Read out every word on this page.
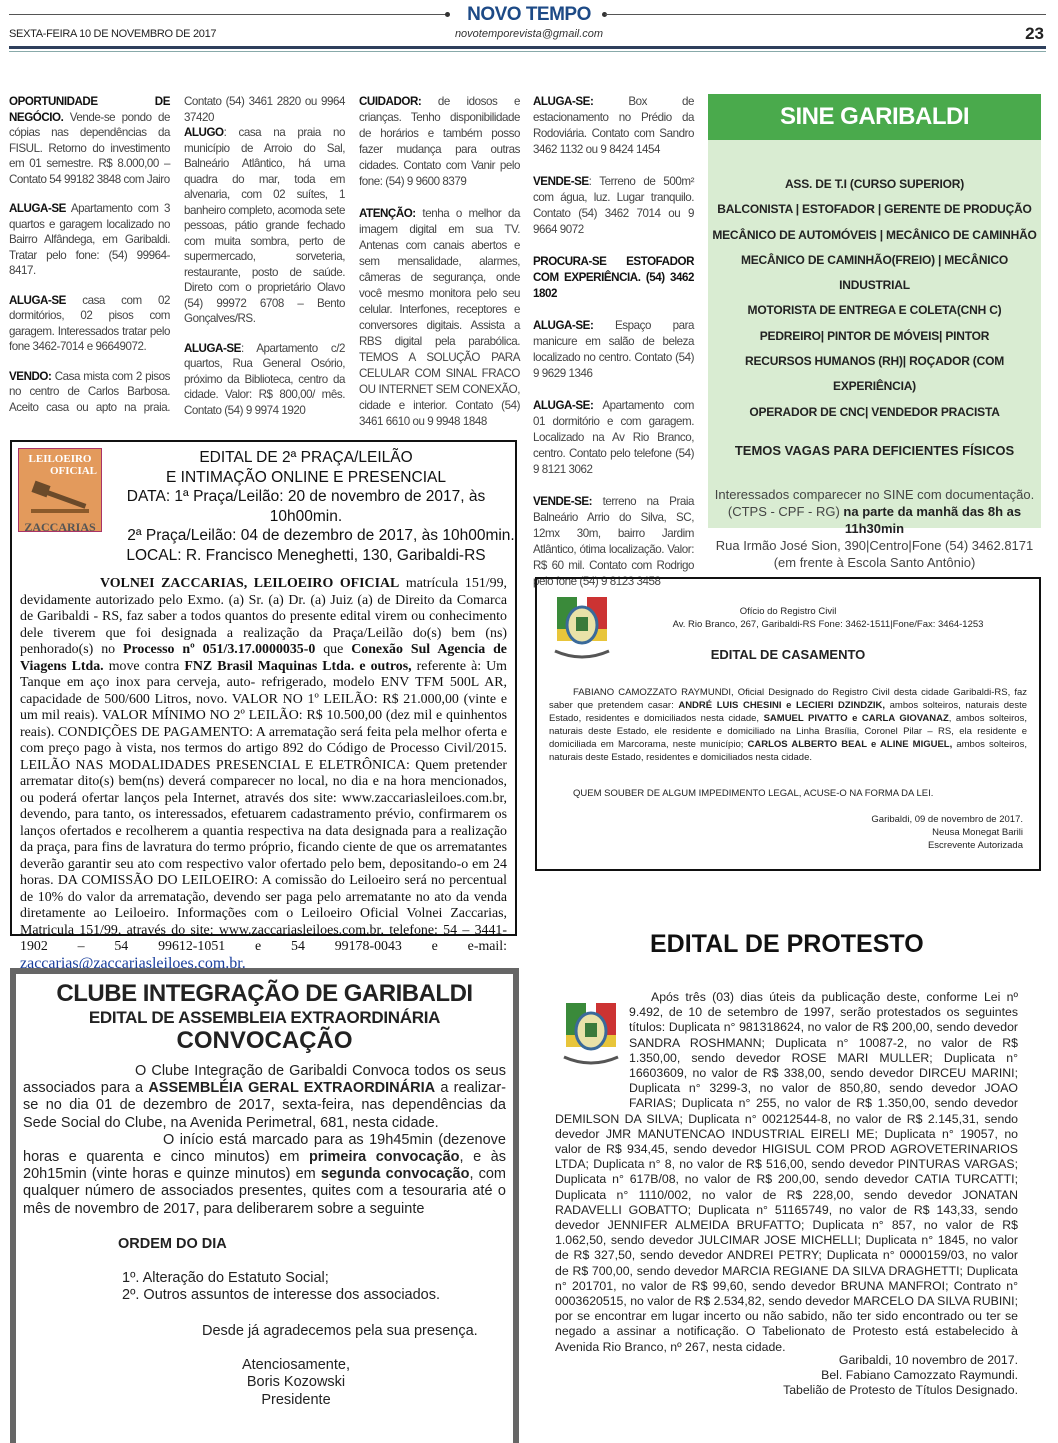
NOVO TEMPO
SEXTA-FEIRA 10 DE NOVEMBRO DE 2017	novotemporevista@gmail.com	23

OPORTUNIDADE DE NEGÓCIO. Vende-se pondo de cópias nas dependências da FISUL. Retorno do investimento em 01 semestre. R$ 8.000,00 – Contato 54 99182 3848 com Jairo

ALUGA-SE Apartamento com 3 quartos e garagem localizado no Bairro Alfândega, em Garibaldi. Tratar pelo fone: (54) 99964-8417.

ALUGA-SE casa com 02 dormitórios, 02 pisos com garagem. Interessados tratar pelo fone 3462-7014 e 96649072.

VENDO: Casa mista com 2 pisos no centro de Carlos Barbosa. Aceito casa ou apto na praia. Contato (54) 3461 2820 ou 9964 37420

ALUGO: casa na praia no município de Arroio do Sal, Balneário Atlântico, há uma quadra do mar, toda em alvenaria, com 02 suítes, 1 banheiro completo, acomoda sete pessoas, pátio grande fechado com muita sombra, perto de supermercado, sorveteria, restaurante, posto de saúde. Direto com o proprietário Olavo (54) 99972 6708 – Bento Gonçalves/RS.

ALUGA-SE: Apartamento c/2 quartos, Rua General Osório, próximo da Biblioteca, centro da cidade. Valor: R$ 800,00/ mês. Contato (54) 9 9974 1920

CUIDADOR: de idosos e crianças. Tenho disponibilidade de horários e também posso fazer mudança para outras cidades. Contato com Vanir pelo fone: (54) 9 9600 8379

ATENÇÃO: tenha o melhor da imagem digital em sua TV. Antenas com canais abertos e sem mensalidade, alarmes, câmeras de segurança, onde você mesmo monitora pelo seu celular. Interfones, receptores e conversores digitais. Assista a RBS digital pela parabólica. TEMOS A SOLUÇÃO PARA CELULAR COM SINAL FRACO OU INTERNET SEM CONEXÃO, cidade e interior. Contato (54) 3461 6610 ou 9 9948 1848

ALUGA-SE: Box de estacionamento no Prédio da Rodoviária. Contato com Sandro 3462 1132 ou 9 8424 1454

VENDE-SE: Terreno de 500m² com água, luz. Lugar tranquilo. Contato (54) 3462 7014 ou 9 9664 9072

PROCURA-SE ESTOFADOR COM EXPERIÊNCIA. (54) 3462 1802

ALUGA-SE: Espaço para manicure em salão de beleza localizado no centro. Contato (54) 9 9629 1346

ALUGA-SE: Apartamento com 01 dormitório e com garagem. Localizado na Av Rio Branco, centro. Contato pelo telefone (54) 9 8121 3062

VENDE-SE: terreno na Praia Balneário Arrio do Silva, SC, 12mx 30m, bairro Jardim Atlântico, ótima localização. Valor: R$ 60 mil. Contato com Rodrigo pelo fone (54) 9 8123 3458

SINE GARIBALDI
ASS. DE T.I (CURSO SUPERIOR)
BALCONISTA | ESTOFADOR | GERENTE DE PRODUÇÃO
MECÂNICO DE AUTOMÓVEIS | MECÂNICO DE CAMINHÃO
MECÂNICO DE CAMINHÃO(FREIO) | MECÂNICO INDUSTRIAL
MOTORISTA DE ENTREGA E COLETA(CNH C)
PEDREIRO| PINTOR DE MÓVEIS| PINTOR
RECURSOS HUMANOS (RH)| ROÇADOR (COM EXPERIÊNCIA)
OPERADOR DE CNC| VENDEDOR PRACISTA
TEMOS VAGAS PARA DEFICIENTES FÍSICOS
Interessados comparecer no SINE com documentação.
(CTPS - CPF - RG) na parte da manhã das 8h as 11h30min
Rua Irmão José Sion, 390|Centro|Fone (54) 3462.8171
(em frente à Escola Santo Antônio)
LEILOEIRO
OFICIAL
ZACCARIAS
EDITAL DE 2ª PRAÇA/LEILÃO
E INTIMAÇÃO ONLINE E PRESENCIAL
DATA: 1ª Praça/Leilão: 20 de novembro de 2017, às 10h00min.
2ª Praça/Leilão: 04 de dezembro de 2017, às 10h00min.
LOCAL: R. Francisco Meneghetti, 130, Garibaldi-RS
VOLNEI ZACCARIAS, LEILOEIRO OFICIAL matrícula 151/99, devidamente autorizado pelo Exmo. (a) Sr. (a) Dr. (a) Juiz (a) de Direito da Comarca de Garibaldi - RS, faz saber a todos quantos do presente edital virem ou conhecimento dele tiverem que foi designada a realização da Praça/Leilão do(s) bem (ns) penhorado(s) no Processo nº 051/3.17.0000035-0 que Conexão Sul Agencia de Viagens Ltda. move contra FNZ Brasil Maquinas Ltda. e outros, referente à: Um Tanque em aço inox para cerveja, auto- refrigerado, modelo ENV TFM 500L AR, capacidade de 500/600 Litros, novo. VALOR NO 1º LEILÃO: R$ 21.000,00 (vinte e um mil reais). VALOR MÍNIMO NO 2º LEILÃO: R$ 10.500,00 (dez mil e quinhentos reais). CONDIÇÕES DE PAGAMENTO: A arrematação será feita pela melhor oferta e com preço pago à vista, nos termos do artigo 892 do Código de Processo Civil/2015. LEILÃO NAS MODALIDADES PRESENCIAL E ELETRÔNICA: Quem pretender arrematar dito(s) bem(ns) deverá comparecer no local, no dia e na hora mencionados, ou poderá ofertar lanços pela Internet, através dos site: www.zaccariasleiloes.com.br, devendo, para tanto, os interessados, efetuarem cadastramento prévio, confirmarem os lanços ofertados e recolherem a quantia respectiva na data designada para a realização da praça, para fins de lavratura do termo próprio, ficando ciente de que os arrematantes deverão garantir seu ato com respectivo valor ofertado pelo bem, depositando-o em 24 horas. DA COMISSÃO DO LEILOEIRO: A comissão do Leiloeiro será no percentual de 10% do valor da arrematação, devendo ser paga pelo arrematante no ato da venda diretamente ao Leiloeiro. Informações com o Leiloeiro Oficial Volnei Zaccarias, Matricula 151/99, através do site: www.zaccariasleiloes.com.br, telefone: 54 – 3441-1902 – 54 99612-1051 e 54 99178-0043 e e-mail: zaccarias@zaccariasleiloes.com.br.
Ofício do Registro Civil
Av. Rio Branco, 267, Garibaldi-RS Fone: 3462-1511|Fone/Fax: 3464-1253
EDITAL DE CASAMENTO
FABIANO CAMOZZATO RAYMUNDI, Oficial Designado do Registro Civil desta cidade Garibaldi-RS, faz saber que pretendem casar: ANDRÉ LUIS CHESINI e LECIERI DZINDZIK, ambos solteiros, naturais deste Estado, residentes e domiciliados nesta cidade, SAMUEL PIVATTO e CARLA GIOVANAZ, ambos solteiros, naturais deste Estado, ele residente e domiciliado na Linha Brasília, Coronel Pilar – RS, ela residente e domiciliada em Marcorama, neste município; CARLOS ALBERTO BEAL e ALINE MIGUEL, ambos solteiros, naturais deste Estado, residentes e domiciliados nesta cidade.
QUEM SOUBER DE ALGUM IMPEDIMENTO LEGAL, ACUSE-O NA FORMA DA LEI.
Garibaldi, 09 de novembro de 2017.
Neusa Monegat Barili
Escrevente Autorizada
EDITAL DE PROTESTO
Após três (03) dias úteis da publicação deste, conforme Lei nº 9.492, de 10 de setembro de 1997, serão protestados os seguintes títulos: Duplicata n° 981318624, no valor de R$ 200,00, sendo devedor SANDRA ROSHMANN; Duplicata n° 10087-2, no valor de R$ 1.350,00, sendo devedor ROSE MARI MULLER; Duplicata n° 16603609, no valor de R$ 338,00, sendo devedor DIRCEU MARINI; Duplicata n° 3299-3, no valor de 850,80, sendo devedor JOAO FARIAS; Duplicata n° 255, no valor de R$ 1.350,00, sendo devedor DEMILSON DA SILVA; Duplicata n° 00212544-8, no valor de R$ 2.145,31, sendo devedor JMR MANUTENCAO INDUSTRIAL EIRELI ME; Duplicata n° 19057, no valor de R$ 934,45, sendo devedor HIGISUL COM PROD AGROVETERINARIOS LTDA; Duplicata n° 8, no valor de R$ 516,00, sendo devedor PINTURAS VARGAS; Duplicata n° 617B/08, no valor de R$ 200,00, sendo devedor CATIA TURCATTI; Duplicata n° 1110/002, no valor de R$ 228,00, sendo devedor JONATAN RADAVELLI GOBATTO; Duplicata n° 51165749, no valor de R$ 143,33, sendo devedor JENNIFER ALMEIDA BRUFATTO; Duplicata n° 857, no valor de R$ 1.062,50, sendo devedor JULCIMAR JOSE MICHELLI; Duplicata n° 1845, no valor de R$ 327,50, sendo devedor ANDREI PETRY; Duplicata n° 0000159/03, no valor de R$ 700,00, sendo devedor MARCIA REGIANE DA SILVA DRAGHETTI; Duplicata n° 201701, no valor de R$ 99,60, sendo devedor BRUNA MANFROI; Contrato n° 0003620515, no valor de R$ 2.534,82, sendo devedor MARCELO DA SILVA RUBINI; por se encontrar em lugar incerto ou não sabido, não ter sido encontrado ou ter se negado a assinar a notificação. O Tabelionato de Protesto está estabelecido à Avenida Rio Branco, nº 267, nesta cidade.
Garibaldi, 10 novembro de 2017.
Bel. Fabiano Camozzato Raymundi.
Tabelião de Protesto de Títulos Designado.
CLUBE INTEGRAÇÃO DE GARIBALDI
EDITAL DE ASSEMBLEIA EXTRAORDINÁRIA
CONVOCAÇÃO
O Clube Integração de Garibaldi Convoca todos os seus associados para a ASSEMBLÉIA GERAL EXTRAORDINÁRIA a realizar-se no dia 01 de dezembro de 2017, sexta-feira, nas dependências da Sede Social do Clube, na Avenida Perimetral, 681, nesta cidade.
O início está marcado para as 19h45min (dezenove horas e quarenta e cinco minutos) em primeira convocação, e às 20h15min (vinte horas e quinze minutos) em segunda convocação, com qualquer número de associados presentes, quites com a tesouraria até o mês de novembro de 2017, para deliberarem sobre a seguinte
ORDEM DO DIA
1º. Alteração do Estatuto Social;
2º. Outros assuntos de interesse dos associados.
Desde já agradecemos pela sua presença.
Atenciosamente,
Boris Kozowski
Presidente
